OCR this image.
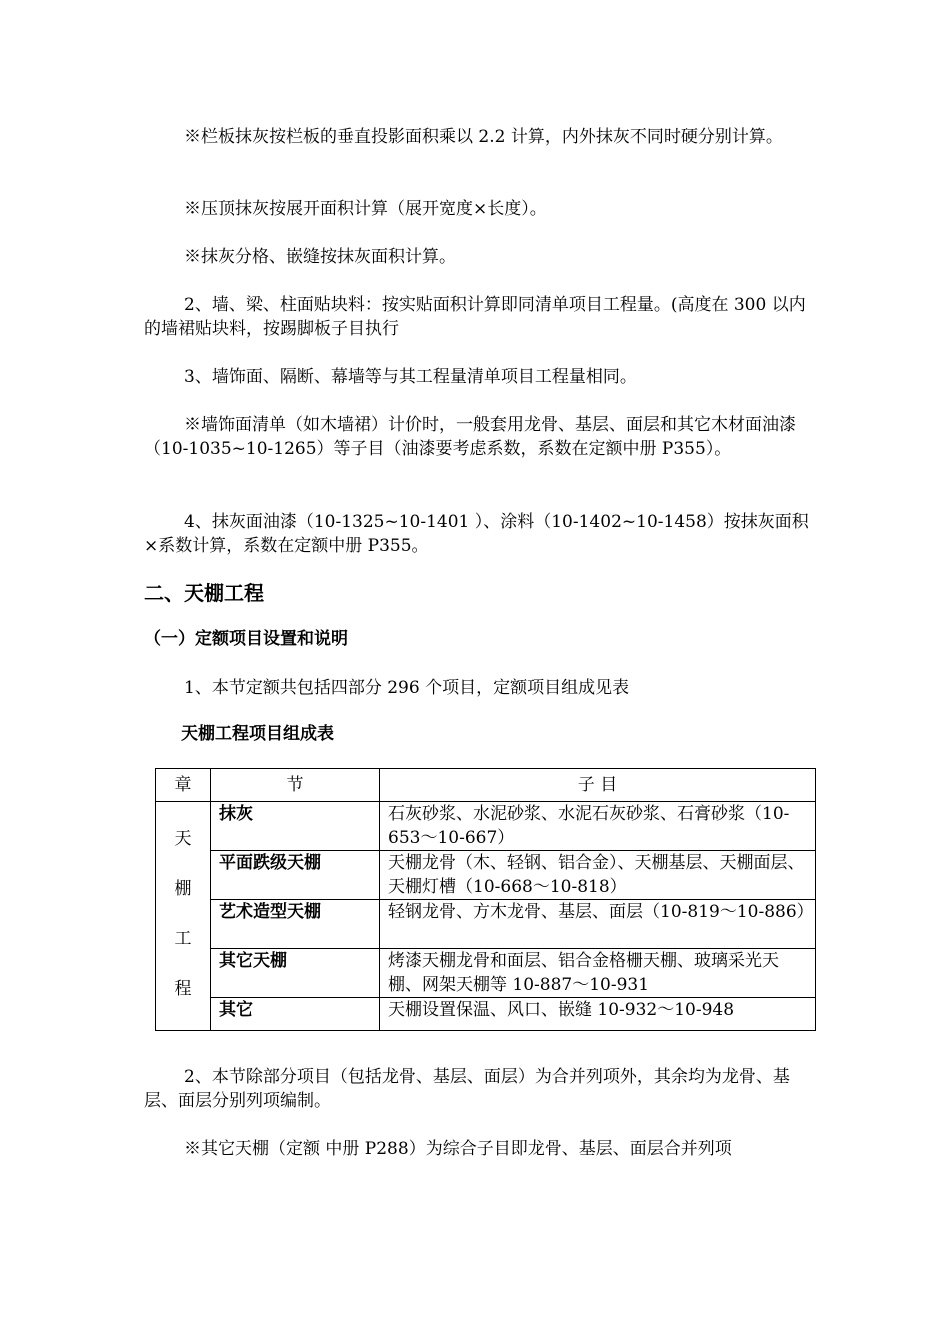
※栏板抹灰按栏板的垂直投影面积乘以 2.2 计算，内外抹灰不同时硬分别计算。

※压顶抹灰按展开面积计算（展开宽度×长度）。

※抹灰分格、嵌缝按抹灰面积计算。

2、墙、梁、柱面贴块料：按实贴面积计算即同清单项目工程量。(高度在 300 以内的墙裙贴块料，按踢脚板子目执行

3、墙饰面、隔断、幕墙等与其工程量清单项目工程量相同。

※墙饰面清单（如木墙裙）计价时，一般套用龙骨、基层、面层和其它木材面油漆（10-1035~10-1265）等子目（油漆要考虑系数，系数在定额中册 P355）。

4、抹灰面油漆（10-1325~10-1401 ）、涂料（10-1402~10-1458）按抹灰面积×系数计算，系数在定额中册 P355。

二、天棚工程
（一）定额项目设置和说明

1、本节定额共包括四部分 296 个项目，定额项目组成见表

天棚工程项目组成表

章	节	子 目

天
棚
工
程	抹灰	石灰砂浆、水泥砂浆、水泥石灰砂浆、石膏砂浆（10-653～10-667）
	平面跌级天棚	天棚龙骨（木、轻钢、铝合金）、天棚基层、天棚面层、天棚灯槽（10-668～10-818）
	艺术造型天棚	轻钢龙骨、方木龙骨、基层、面层（10-819～10-886）
	其它天棚	烤漆天棚龙骨和面层、铝合金格栅天棚、玻璃采光天棚、网架天棚等 10-887～10-931
	其它	天棚设置保温、风口、嵌缝 10-932～10-948

2、本节除部分项目（包括龙骨、基层、面层）为合并列项外，其余均为龙骨、基层、面层分别列项编制。

※其它天棚（定额 中册 P288）为综合子目即龙骨、基层、面层合并列项
